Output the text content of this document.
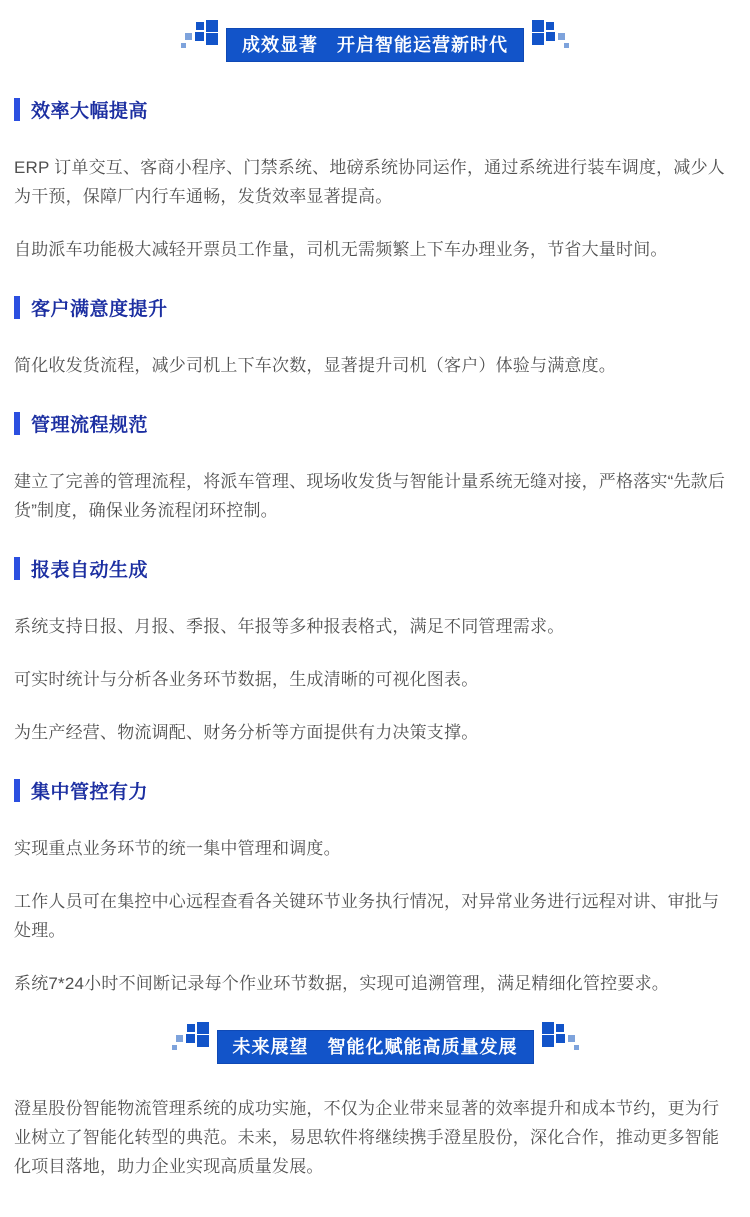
成效显著　开启智能运营新时代
效率大幅提高

ERP 订单交互、客商小程序、门禁系统、地磅系统协同运作，通过系统进行装车调度，减少人为干预，保障厂内行车通畅，发货效率显著提高。

自助派车功能极大减轻开票员工作量，司机无需频繁上下车办理业务，节省大量时间。

客户满意度提升

简化收发货流程，减少司机上下车次数，显著提升司机（客户）体验与满意度。

管理流程规范

建立了完善的管理流程，将派车管理、现场收发货与智能计量系统无缝对接，严格落实“先款后货”制度，确保业务流程闭环控制。

报表自动生成

系统支持日报、月报、季报、年报等多种报表格式，满足不同管理需求。

可实时统计与分析各业务环节数据，生成清晰的可视化图表。

为生产经营、物流调配、财务分析等方面提供有力决策支撑。

集中管控有力

实现重点业务环节的统一集中管理和调度。

工作人员可在集控中心远程查看各关键环节业务执行情况，对异常业务进行远程对讲、审批与处理。

系统7*24小时不间断记录每个作业环节数据，实现可追溯管理，满足精细化管控要求。

未来展望　智能化赋能高质量发展

澄星股份智能物流管理系统的成功实施，不仅为企业带来显著的效率提升和成本节约，更为行业树立了智能化转型的典范。未来，易思软件将继续携手澄星股份，深化合作，推动更多智能化项目落地，助力企业实现高质量发展。
